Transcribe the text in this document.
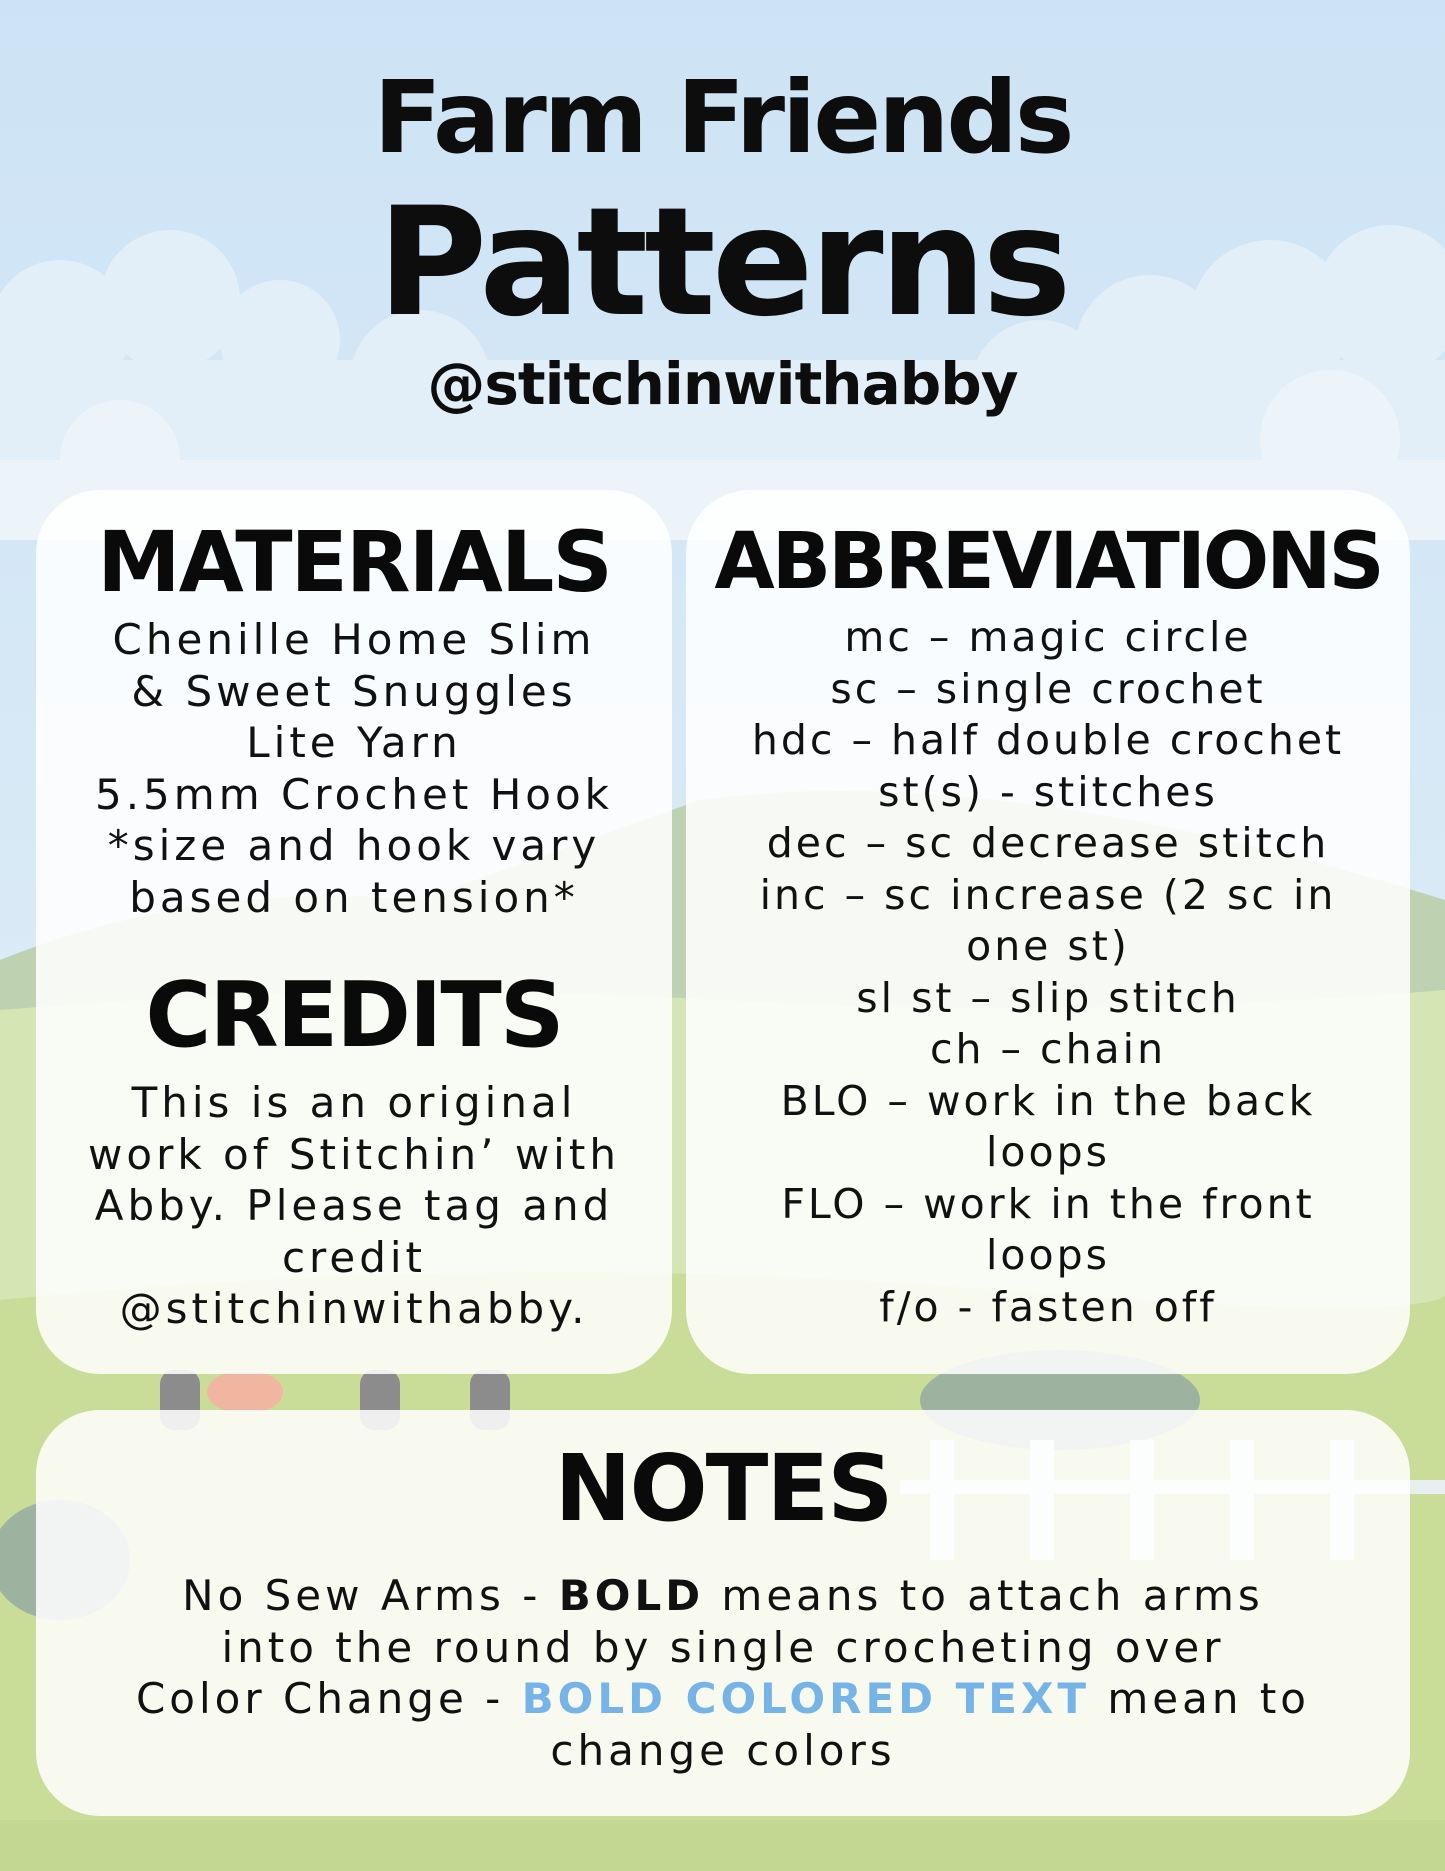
Farm Friends
Patterns
@stitchinwithabby
MATERIALS
Chenille Home Slim
& Sweet Snuggles
Lite Yarn
5.5mm Crochet Hook
*size and hook vary
based on tension*
CREDITS
This is an original
work of Stitchin’ with
Abby. Please tag and
credit
@stitchinwithabby.
ABBREVIATIONS
mc – magic circle
sc – single crochet
hdc – half double crochet
st(s) - stitches
dec – sc decrease stitch
inc – sc increase (2 sc in
one st)
sl st – slip stitch
ch – chain
BLO – work in the back
loops
FLO – work in the front
loops
f/o - fasten off
NOTES
No Sew Arms - BOLD means to attach arms
into the round by single crocheting over
Color Change - BOLD COLORED TEXT mean to
change colors
